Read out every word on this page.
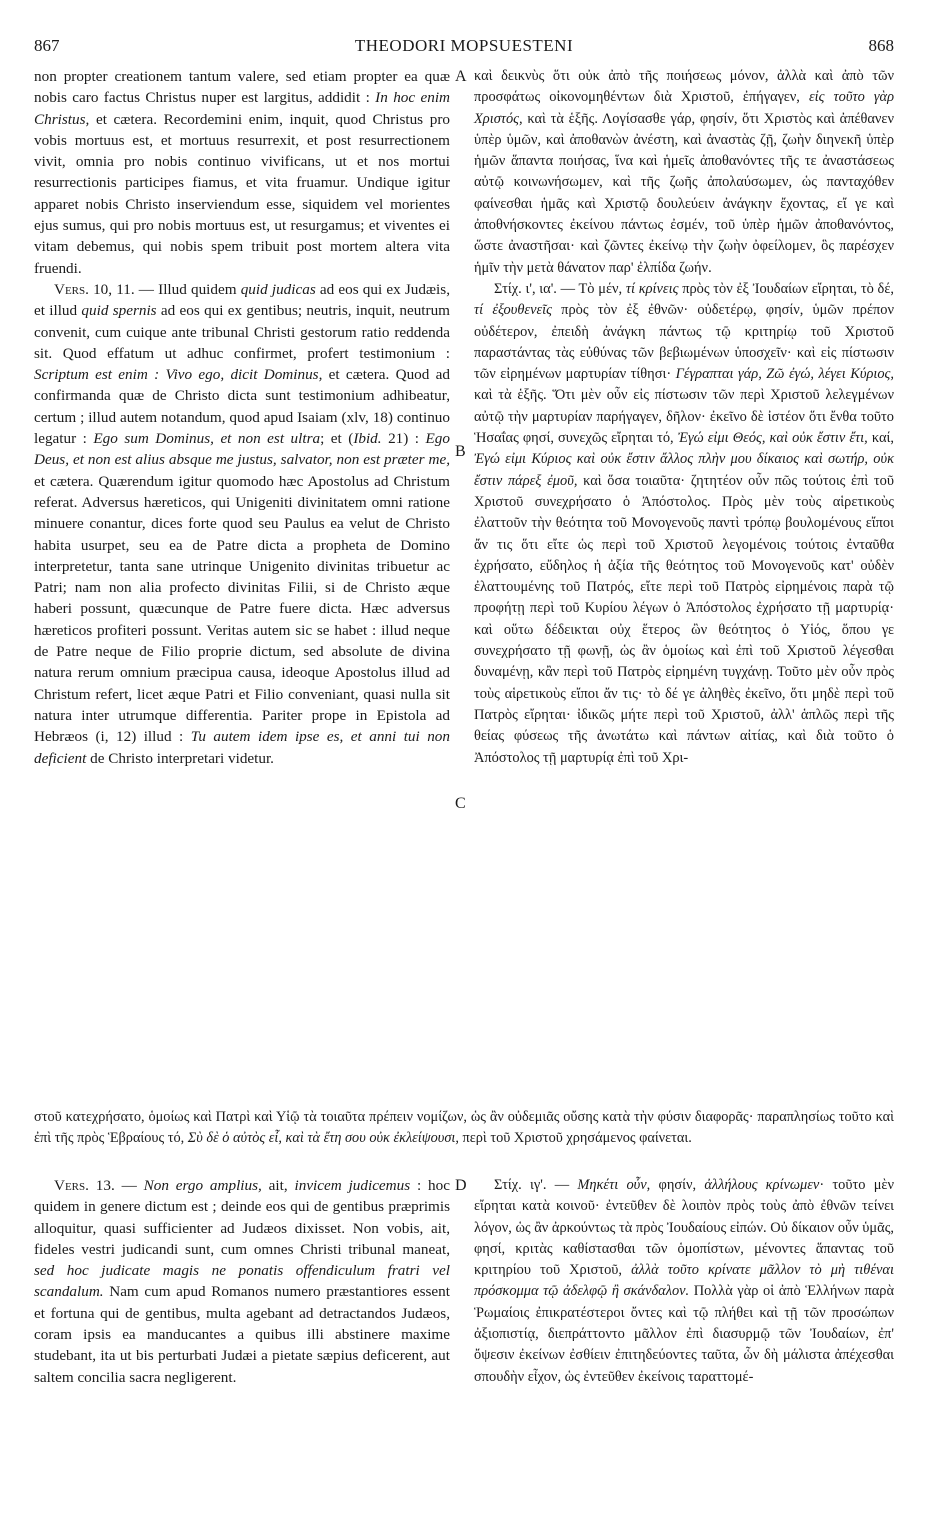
867	THEODORI MOPSUESTENI	868
A
B
C
D

non propter creationem tantum valere, sed etiam propter ea quæ nobis caro factus Christus nuper est largitus, addidit : In hoc enim Christus, et cætera. Recordemini enim, inquit, quod Christus pro vobis mortuus est, et mortuus resurrexit, et post resurrectionem vivit, omnia pro nobis continuo vivificans, ut et nos mortui resurrectionis participes fiamus, et vita fruamur. Undique igitur apparet nobis Christo inserviendum esse, siquidem vel morientes ejus sumus, qui pro nobis mortuus est, ut resurgamus; et viventes ei vitam debemus, qui nobis spem tribuit post mortem altera vita fruendi.

Vers. 10, 11. — Illud quidem quid judicas ad eos qui ex Judæis, et illud quid spernis ad eos qui ex gentibus; neutris, inquit, neutrum convenit, cum cuique ante tribunal Christi gestorum ratio reddenda sit. Quod effatum ut adhuc confirmet, profert testimonium : Scriptum est enim : Vivo ego, dicit Dominus, et cætera. Quod ad confirmanda quæ de Christo dicta sunt testimonium adhibeatur, certum ; illud autem notandum, quod apud Isaiam (xlv, 18) continuo legatur : Ego sum Dominus, et non est ultra; et (Ibid. 21) : Ego Deus, et non est alius absque me justus, salvator, non est præter me, et cætera. Quærendum igitur quomodo hæc Apostolus ad Christum referat. Adversus hæreticos, qui Unigeniti divinitatem omni ratione minuere conantur, dices forte quod seu Paulus ea velut de Christo habita usurpet, seu ea de Patre dicta a propheta de Domino interpretetur, tanta sane utrinque Unigenito divinitas tribuetur ac Patri; nam non alia profecto divinitas Filii, si de Christo æque haberi possunt, quæcunque de Patre fuere dicta. Hæc adversus hæreticos profiteri possunt. Veritas autem sic se habet : illud neque de Patre neque de Filio proprie dictum, sed absolute de divina natura rerum omnium præcipua causa, ideoque Apostolus illud ad Christum refert, licet æque Patri et Filio conveniant, quasi nulla sit natura inter utrumque differentia. Pariter prope in Epistola ad Hebræos (i, 12) illud : Tu autem idem ipse es, et anni tui non deficient de Christo interpretari videtur.

καὶ δεικνὺς ὅτι οὐκ ἀπὸ τῆς ποιήσεως μόνον, ἀλλὰ καὶ ἀπὸ τῶν προσφάτως οἰκονομηθέντων διὰ Χριστοῦ, ἐπήγαγεν, εἰς τοῦτο γὰρ Χριστός, καὶ τὰ ἑξῆς. Λογίσασθε γάρ, φησίν, ὅτι Χριστὸς καὶ ἀπέθανεν ὑπὲρ ὑμῶν, καὶ ἀποθανὼν ἀνέστη, καὶ ἀναστὰς ζῇ, ζωὴν διηνεκῆ ὑπὲρ ἡμῶν ἅπαντα ποιήσας, ἵνα καὶ ἡμεῖς ἀποθανόντες τῆς τε ἀναστάσεως αὐτῷ κοινωνήσωμεν, καὶ τῆς ζωῆς ἀπολαύσωμεν, ὡς πανταχόθεν φαίνεσθαι ἡμᾶς καὶ Χριστῷ δουλεύειν ἀνάγκην ἔχοντας, εἴ γε καὶ ἀποθνήσκοντες ἐκείνου πάντως ἐσμέν, τοῦ ὑπὲρ ἡμῶν ἀποθανόντος, ὥστε ἀναστῆσαι· καὶ ζῶντες ἐκείνῳ τὴν ζωὴν ὀφείλομεν, ὃς παρέσχεν ἡμῖν τὴν μετὰ θάνατον παρ' ἐλπίδα ζωήν.

Στίχ. ι', ια'. — Τὸ μέν, τί κρίνεις πρὸς τὸν ἐξ Ἰουδαίων εἴρηται, τὸ δέ, τί ἐξουθενεῖς πρὸς τὸν ἐξ ἐθνῶν· οὐδετέρῳ, φησίν, ὑμῶν πρέπον οὐδέτερον, ἐπειδὴ ἀνάγκη πάντως τῷ κριτηρίῳ τοῦ Χριστοῦ παραστάντας τὰς εὐθύνας τῶν βεβιωμένων ὑποσχεῖν· καὶ εἰς πίστωσιν τῶν εἰρημένων μαρτυρίαν τίθησι· Γέγραπται γάρ, Ζῶ ἐγώ, λέγει Κύριος, καὶ τὰ ἑξῆς. Ὅτι μὲν οὖν εἰς πίστωσιν τῶν περὶ Χριστοῦ λελεγμένων αὐτῷ τὴν μαρτυρίαν παρήγαγεν, δῆλον· ἐκεῖνο δὲ ἰστέον ὅτι ἔνθα τοῦτο Ἡσαΐας φησί, συνεχῶς εἴρηται τό, Ἐγώ εἰμι Θεός, καὶ οὐκ ἔστιν ἔτι, καί, Ἐγώ εἰμι Κύριος καὶ οὐκ ἔστιν ἄλλος πλὴν μου δίκαιος καὶ σωτήρ, οὐκ ἔστιν πάρεξ ἐμοῦ, καὶ ὅσα τοιαῦτα· ζητητέον οὖν πῶς τούτοις ἐπὶ τοῦ Χριστοῦ συνεχρήσατο ὁ Ἀπόστολος. Πρὸς μὲν τοὺς αἱρετικοὺς ἐλαττοῦν τὴν θεότητα τοῦ Μονογενοῦς παντὶ τρόπῳ βουλομένους εἴποι ἄν τις ὅτι εἴτε ὡς περὶ τοῦ Χριστοῦ λεγομένοις τούτοις ἐνταῦθα ἐχρήσατο, εὔδηλος ἡ ἀξία τῆς θεότητος τοῦ Μονογενοῦς κατ' οὐδὲν ἐλαττουμένης τοῦ Πατρός, εἴτε περὶ τοῦ Πατρὸς εἰρημένοις παρὰ τῷ προφήτῃ περὶ τοῦ Κυρίου λέγων ὁ Ἀπόστολος ἐχρήσατο τῇ μαρτυρίᾳ· καὶ οὕτω δέδεικται οὐχ ἕτερος ὢν θεότητος ὁ Υἱός, ὅπου γε συνεχρήσατο τῇ φωνῇ, ὡς ἂν ὁμοίως καὶ ἐπὶ τοῦ Χριστοῦ λέγεσθαι δυναμένῃ, κἂν περὶ τοῦ Πατρὸς εἰρημένη τυγχάνῃ. Τοῦτο μὲν οὖν πρὸς τοὺς αἱρετικοὺς εἴποι ἄν τις· τὸ δέ γε ἀληθὲς ἐκεῖνο, ὅτι μηδὲ περὶ τοῦ Πατρὸς εἴρηται· ἰδικῶς μήτε περὶ τοῦ Χριστοῦ, ἀλλ' ἁπλῶς περὶ τῆς θείας φύσεως τῆς ἀνωτάτω καὶ πάντων αἰτίας, καὶ διὰ τοῦτο ὁ Ἀπόστολος τῇ μαρτυρίᾳ ἐπὶ τοῦ Χρι-

στοῦ κατεχρήσατο, ὁμοίως καὶ Πατρὶ καὶ Υἱῷ τὰ τοιαῦτα πρέπειν νομίζων, ὡς ἂν οὐδεμιᾶς οὔσης κατὰ τὴν φύσιν διαφορᾶς· παραπλησίως τοῦτο καὶ ἐπὶ τῆς πρὸς Ἑβραίους τό, Σὺ δὲ ὁ αὐτὸς εἶ, καὶ τὰ ἔτη σου οὐκ ἐκλείψουσι, περὶ τοῦ Χριστοῦ χρησάμενος φαίνεται.

Vers. 13. — Non ergo amplius, ait, invicem judicemus : hoc quidem in genere dictum est ; deinde eos qui de gentibus præprimis alloquitur, quasi sufficienter ad Judæos dixisset. Non vobis, ait, fideles vestri judicandi sunt, cum omnes Christi tribunal maneat, sed hoc judicate magis ne ponatis offendiculum fratri vel scandalum. Nam cum apud Romanos numero præstantiores essent et fortuna qui de gentibus, multa agebant ad detractandos Judæos, coram ipsis ea manducantes a quibus illi abstinere maxime studebant, ita ut bis perturbati Judæi a pietate sæpius deficerent, aut saltem concilia sacra negligerent.

Στίχ. ιγ'. — Μηκέτι οὖν, φησίν, ἀλλήλους κρίνωμεν· τοῦτο μὲν εἴρηται κατὰ κοινοῦ· ἐντεῦθεν δὲ λοιπὸν πρὸς τοὺς ἀπὸ ἐθνῶν τείνει λόγον, ὡς ἂν ἀρκούντως τὰ πρὸς Ἰουδαίους εἰπών. Οὐ δίκαιον οὖν ὑμᾶς, φησί, κριτὰς καθίστασθαι τῶν ὁμοπίστων, μένοντες ἅπαντας τοῦ κριτηρίου τοῦ Χριστοῦ, ἀλλὰ τοῦτο κρίνατε μᾶλλον τὸ μὴ τιθέναι πρόσκομμα τῷ ἀδελφῷ ἢ σκάνδαλον. Πολλὰ γὰρ οἱ ἀπὸ Ἑλλήνων παρὰ Ῥωμαίοις ἐπικρατέστεροι ὄντες καὶ τῷ πλήθει καὶ τῇ τῶν προσώπων ἀξιοπιστίᾳ, διεπράττοντο μᾶλλον ἐπὶ διασυρμῷ τῶν Ἰουδαίων, ἐπ' ὄψεσιν ἐκείνων ἐσθίειν ἐπιτηδεύοντες ταῦτα, ὧν δὴ μάλιστα ἀπέχεσθαι σπουδὴν εἶχον, ὡς ἐντεῦθεν ἐκείνοις ταραττομέ-
